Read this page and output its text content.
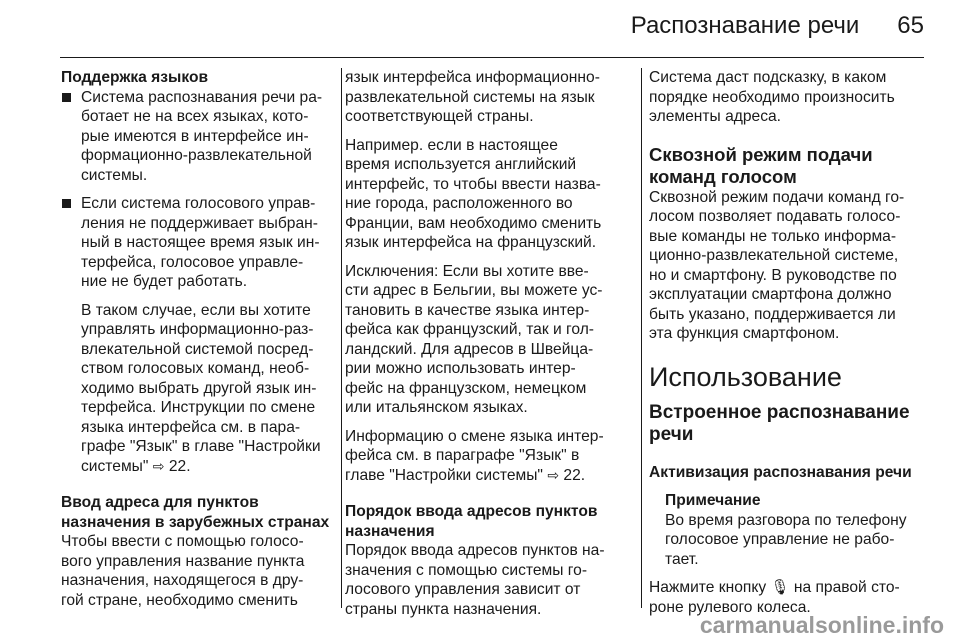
Распознавание речи 65
Поддержка языков
Система распознавания речи ра-
ботает не на всех языках, кото-
рые имеются в интерфейсе ин-
формационно-развлекательной
системы.
Если система голосового управ-
ления не поддерживает выбран-
ный в настоящее время язык ин-
терфейса, голосовое управле-
ние не будет работать.
В таком случае, если вы хотите
управлять информационно-раз-
влекательной системой посред-
ством голосовых команд, необ-
ходимо выбрать другой язык ин-
терфейса. Инструкции по смене
языка интерфейса см. в пара-
графе "Язык" в главе "Настройки
системы" ⇨ 22.
Ввод адреса для пунктов
назначения в зарубежных странах
Чтобы ввести с помощью голосо-
вого управления название пункта
назначения, находящегося в дру-
гой стране, необходимо сменить
язык интерфейса информационно-
развлекательной системы на язык
соответствующей страны.
Например. если в настоящее
время используется английский
интерфейс, то чтобы ввести назва-
ние города, расположенного во
Франции, вам необходимо сменить
язык интерфейса на французский.
Исключения: Если вы хотите вве-
сти адрес в Бельгии, вы можете ус-
тановить в качестве языка интер-
фейса как французский, так и гол-
ландский. Для адресов в Швейца-
рии можно использовать интер-
фейс на французском, немецком
или итальянском языках.
Информацию о смене языка интер-
фейса см. в параграфе "Язык" в
главе "Настройки системы" ⇨ 22.
Порядок ввода адресов пунктов
назначения
Порядок ввода адресов пунктов на-
значения с помощью системы го-
лосового управления зависит от
страны пункта назначения.
Система даст подсказку, в каком
порядке необходимо произносить
элементы адреса.
Сквозной режим подачи
команд голосом
Сквозной режим подачи команд го-
лосом позволяет подавать голосо-
вые команды не только информа-
ционно-развлекательной системе,
но и смартфону. В руководстве по
эксплуатации смартфона должно
быть указано, поддерживается ли
эта функция смартфоном.
Использование
Встроенное распознавание
речи
Активизация распознавания речи
Примечание
Во время разговора по телефону
голосовое управление не рабо-
тает.
Нажмите кнопку 🎙︎ на правой сто-
роне рулевого колеса.
carmanualsonline.info
